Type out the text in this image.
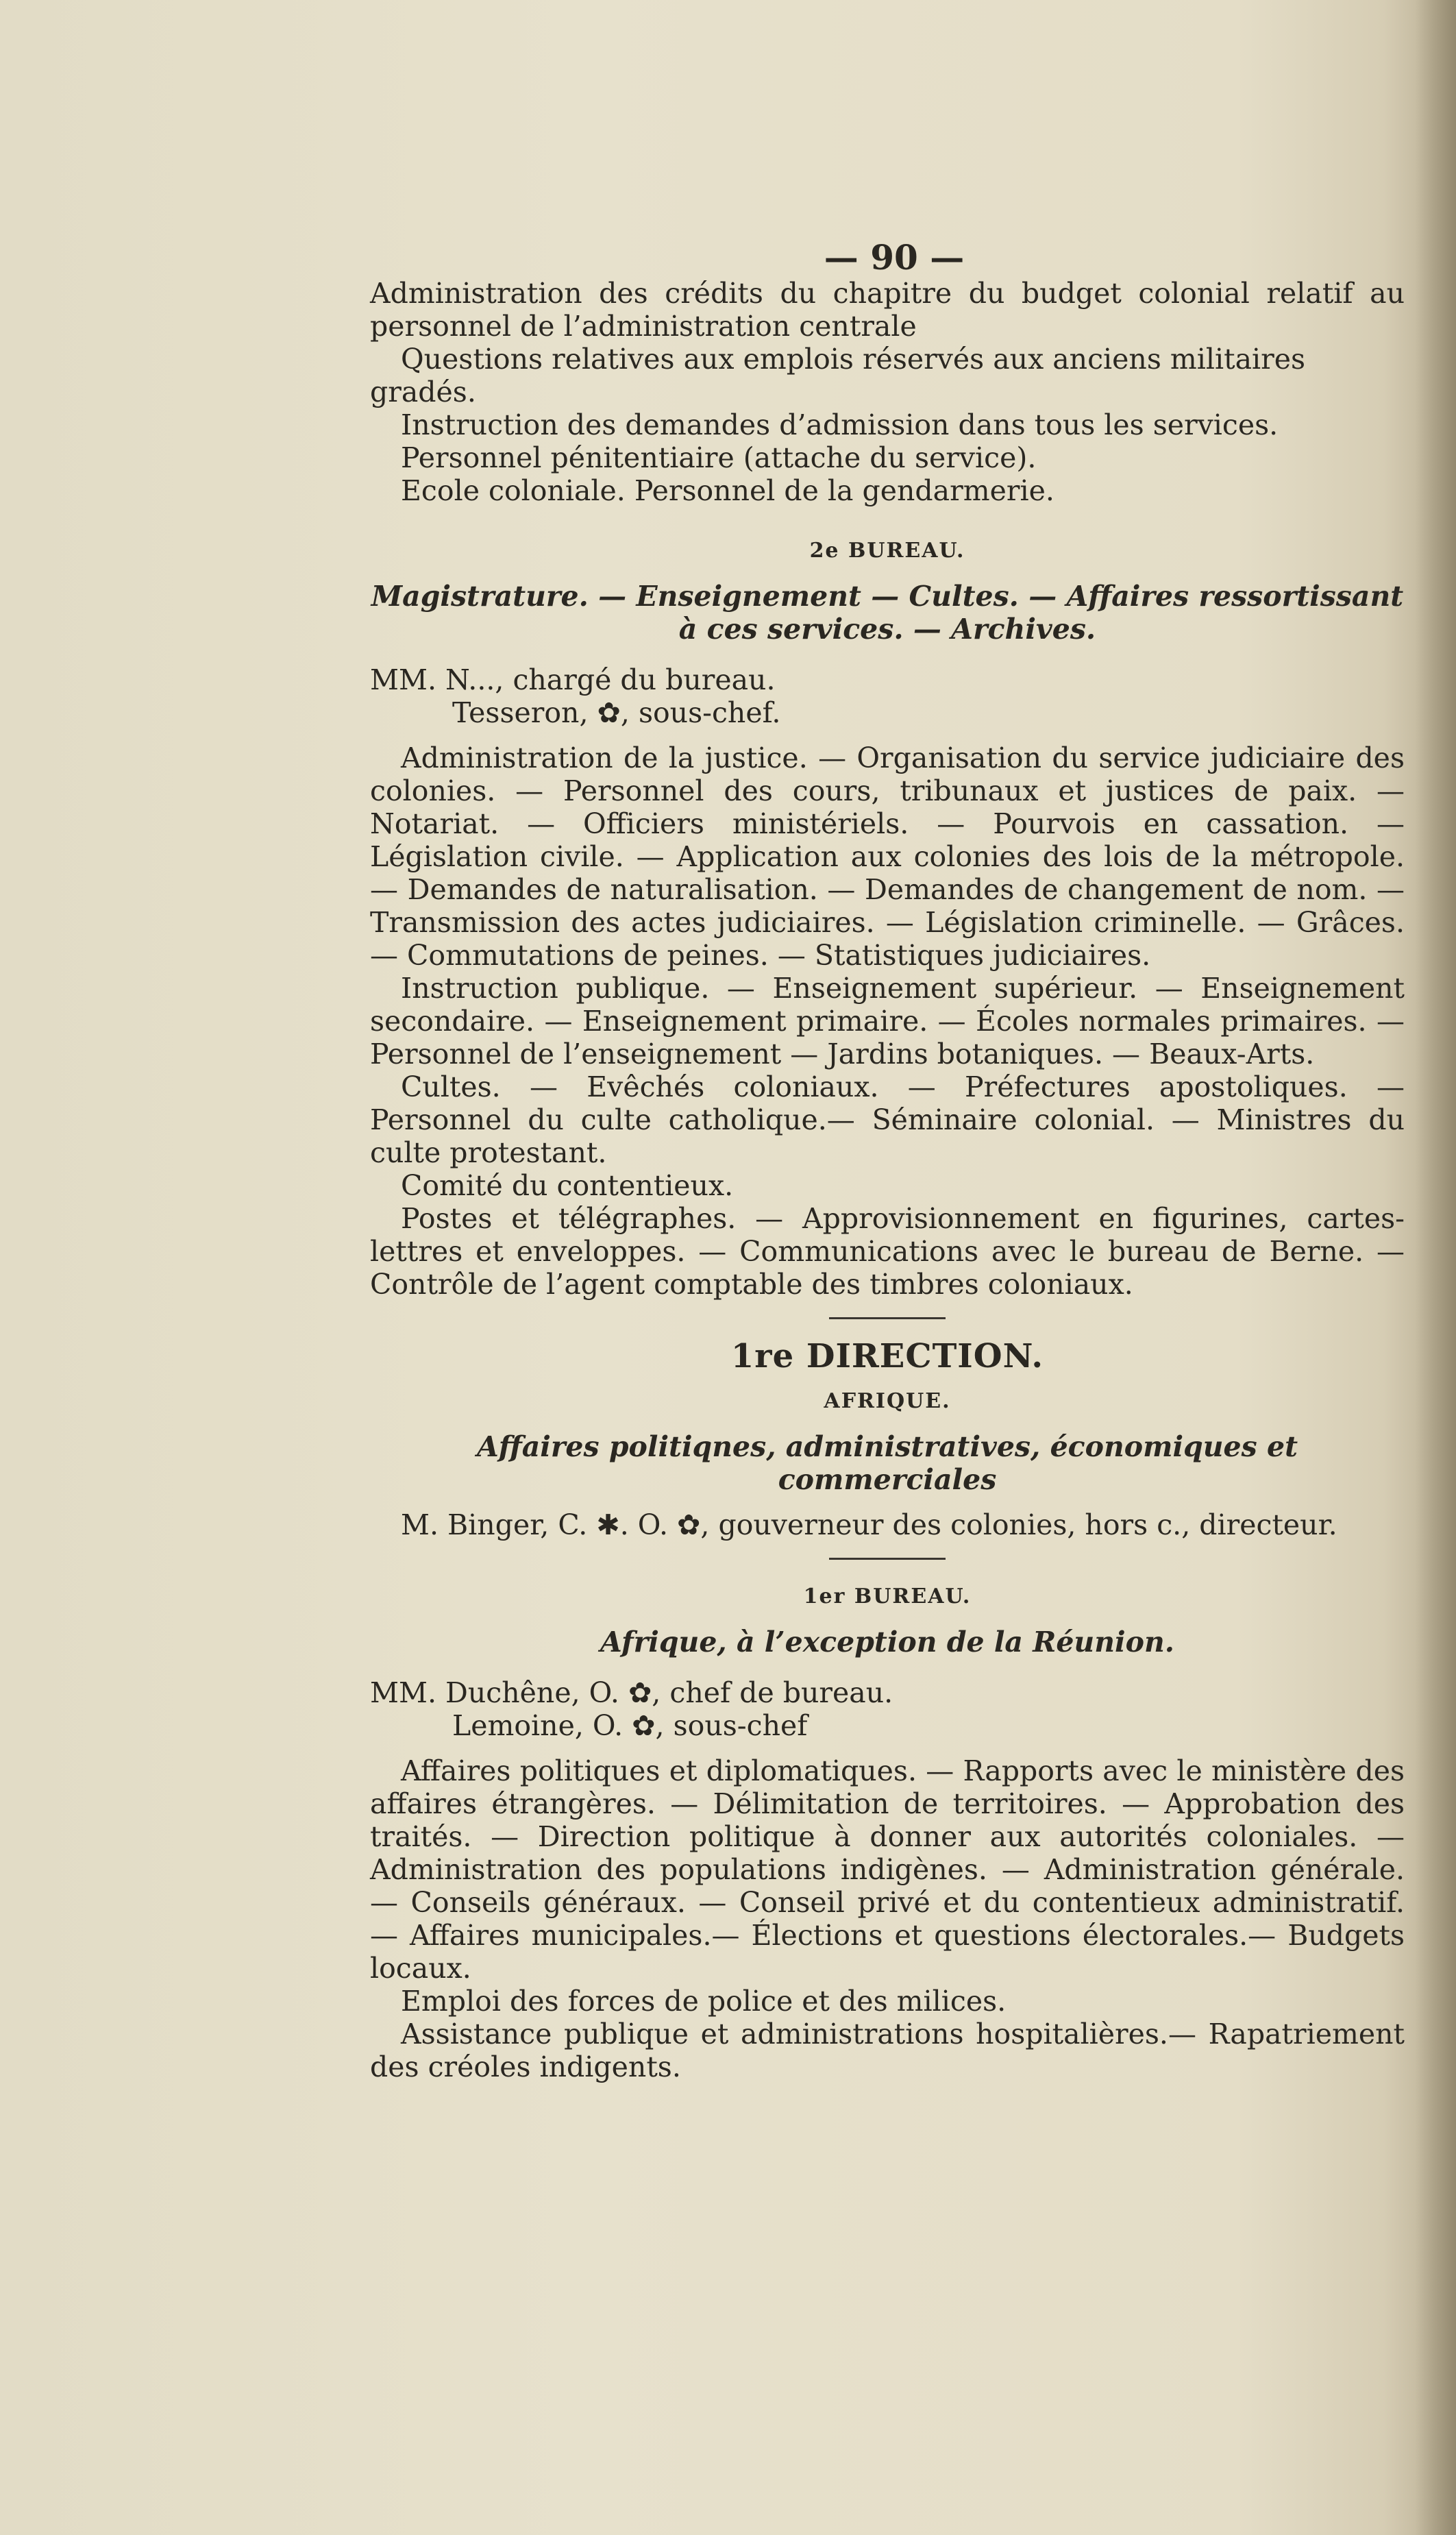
— 90 —

Administration des crédits du chapitre du budget colonial relatif au personnel de l’administration centrale

Questions relatives aux emplois réservés aux anciens militaires gradés.

Instruction des demandes d’admission dans tous les services.

Personnel pénitentiaire (attache du service).

Ecole coloniale. Personnel de la gendarmerie.

2e BUREAU.

Magistrature. — Enseignement — Cultes. — Affaires ressortissant

à ces services. — Archives.

MM. N..., chargé du bureau.

Tesseron, ✿, sous-chef.

Administration de la justice. — Organisation du service judiciaire des colonies. — Personnel des cours, tribunaux et justices de paix. — Notariat. — Officiers ministériels. — Pourvois en cassation. — Législation civile. — Application aux colonies des lois de la métropole. — Demandes de naturalisation. — Demandes de changement de nom. — Transmission des actes judiciaires. — Législation criminelle. — Grâces. — Commutations de peines. — Statistiques judiciaires.

Instruction publique. — Enseignement supérieur. — Enseignement secondaire. — Enseignement primaire. — Écoles normales primaires. — Personnel de l’enseignement — Jardins botaniques. — Beaux-Arts.

Cultes. — Evêchés coloniaux. — Préfectures apostoliques. — Personnel du culte catholique.— Séminaire colonial. — Ministres du culte protestant.

Comité du contentieux.

Postes et télégraphes. — Approvisionnement en figurines, cartes-lettres et enveloppes. — Communications avec le bureau de Berne. — Contrôle de l’agent comptable des timbres coloniaux.

1re DIRECTION.

AFRIQUE.

Affaires politiqnes, administratives, économiques et commerciales

M. Binger, C. ✱. O. ✿, gouverneur des colonies, hors c., directeur.

1er BUREAU.

Afrique, à l’exception de la Réunion.

MM. Duchêne, O. ✿, chef de bureau.

Lemoine, O. ✿, sous-chef

Affaires politiques et diplomatiques. — Rapports avec le ministère des affaires étrangères. — Délimitation de territoires. — Approbation des traités. — Direction politique à donner aux autorités coloniales. — Administration des populations indigènes. — Administration générale. — Conseils généraux. — Conseil privé et du contentieux administratif. — Affaires municipales.— Élections et questions électorales.— Budgets locaux.

Emploi des forces de police et des milices.

Assistance publique et administrations hospitalières.— Rapatriement des créoles indigents.
